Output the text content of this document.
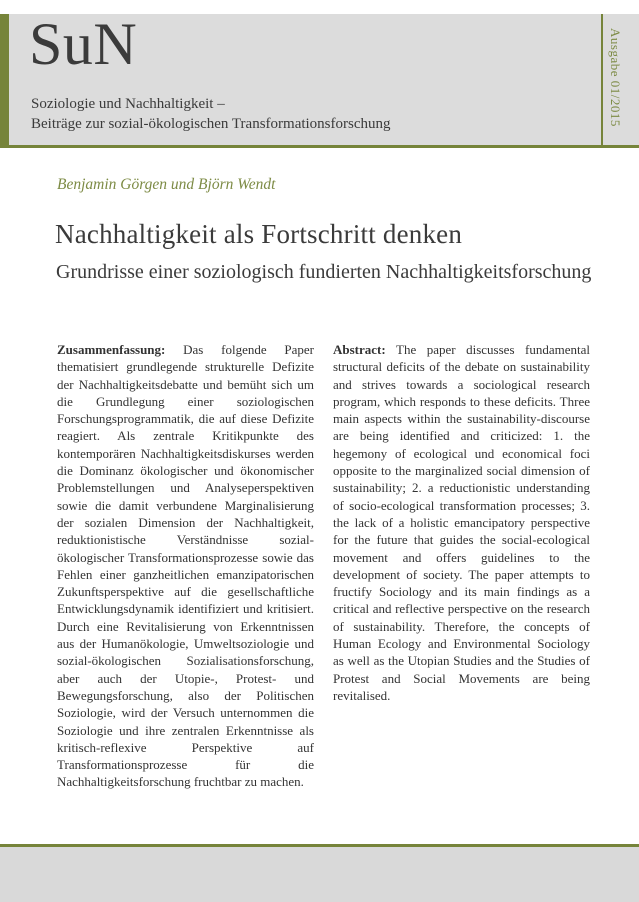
SuN
Soziologie und Nachhaltigkeit –
Beiträge zur sozial-ökologischen Transformationsforschung	Ausgabe 01/2015
Benjamin Görgen und Björn Wendt
Nachhaltigkeit als Fortschritt denken
Grundrisse einer soziologisch fundierten Nachhaltigkeitsforschung

Zusammenfassung: Das folgende Paper thematisiert grundlegende strukturelle Defizite der Nachhaltigkeitsdebatte und bemüht sich um die Grundlegung einer soziologischen Forschungsprogrammatik, die auf diese Defizite reagiert. Als zentrale Kritikpunkte des kontemporären Nachhaltigkeitsdiskurses werden die Dominanz ökologischer und ökonomischer Problemstellungen und Analyseperspektiven sowie die damit verbundene Marginalisierung der sozialen Dimension der Nachhaltigkeit, reduktionistische Verständnisse sozial-ökologischer Transformationsprozesse sowie das Fehlen einer ganzheitlichen emanzipatorischen Zukunftsperspektive auf die gesellschaftliche Entwicklungsdynamik identifiziert und kritisiert. Durch eine Revitalisierung von Erkenntnissen aus der Humanökologie, Umweltsoziologie und sozial-ökologischen Sozialisationsforschung, aber auch der Utopie-, Protest- und Bewegungsforschung, also der Politischen Soziologie, wird der Versuch unternommen die Soziologie und ihre zentralen Erkenntnisse als kritisch-reflexive Perspektive auf Transformationsprozesse für die Nachhaltigkeitsforschung fruchtbar zu machen.

Abstract: The paper discusses fundamental structural deficits of the debate on sustainability and strives towards a sociological research program, which responds to these deficits. Three main aspects within the sustainability-discourse are being identified and criticized: 1. the hegemony of ecological und economical foci opposite to the marginalized social dimension of sustainability; 2. a reductionistic understanding of socio-ecological transformation processes; 3. the lack of a holistic emancipatory perspective for the future that guides the social-ecological movement and offers guidelines to the development of society. The paper attempts to fructify Sociology and its main findings as a critical and reflective perspective on the research of sustainability. Therefore, the concepts of Human Ecology and Environmental Sociology as well as the Utopian Studies and the Studies of Protest and Social Movements are being revitalised.
